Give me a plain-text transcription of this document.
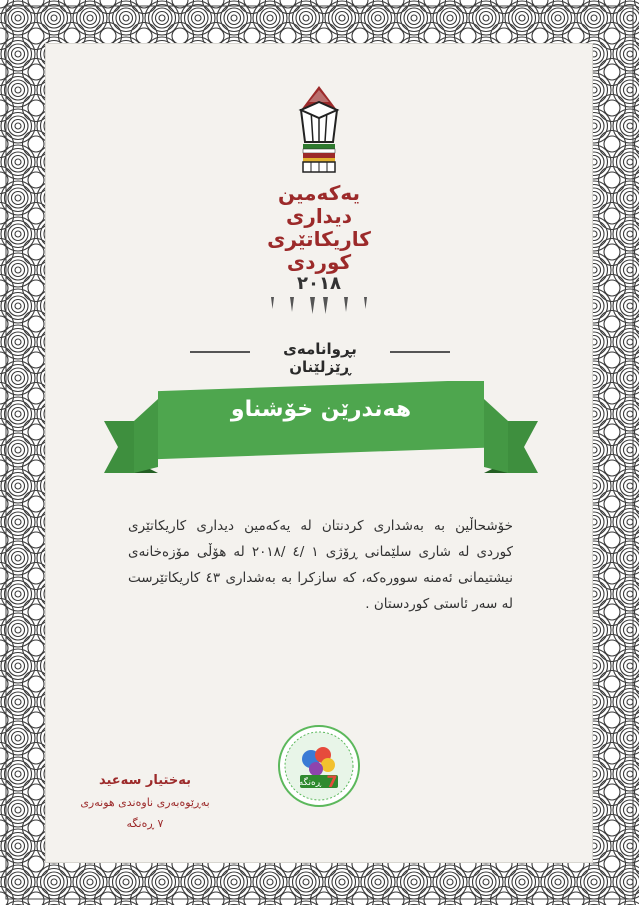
یەکەمین
دیداری
کاریکاتێری
کوردی
٢٠١٨
بڕوانامەی ڕێزلێنان
هەندرێن خۆشناو
خۆشحاڵین بە بەشداری کردنتان لە یەکەمین دیداری کاریکاتێری کوردی لە شاری سلێمانی ڕۆژی ١ /٤ /٢٠١٨ لە هۆڵی مۆزەخانەی نیشتیمانی ئەمنە سوورەکە، کە سازکرا بە بەشداری ٤٣ کاریکاتێرست لە سەر ئاستی کوردستان .
ڕەنگە 7
بەختیار سەعید
بەڕێوەبەری ناوەندی هونەری
٧ ڕەنگە
